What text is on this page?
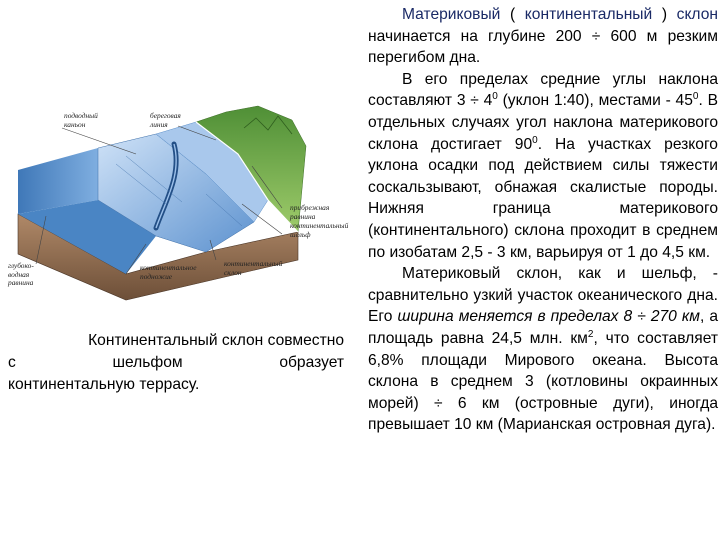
Материковый ( континентальный ) склон начинается на глубине 200 ÷ 600 м резким перегибом дна.

В его пределах средние углы наклона составляют $3 \div 4^0$ (уклон 1:40), местами - $45^0$. В отдельных случаях угол наклона материкового склона достигает $90^0$. На участках резкого уклона осадки под действием силы тяжести соскальзывают, обнажая скалистые породы. Нижняя граница материкового (континентального) склона проходит в среднем по изобатам 2,5 - 3 км, варьируя от 1 до 4,5 км.

Материковый склон, как и шельф, - сравнительно узкий участок океанического дна. Его ширина меняется в пределах 8 ÷ 270 км, а площадь равна 24,5 млн. $км^2$, что составляет 6,8% площади Мирового океана. Высота склона в среднем 3 (котловины окраинных морей) ÷ 6 км (островные дуги), иногда превышает 10 км (Марианская островная дуга).

подводный каньон
береговая линия
прибрежная равнина
континентальный шельф
континентальный склон
континентальное подножие
глубоко-водная равнина

Континентальный склон совместно

с	шельфом	образует

континентальную террасу.
